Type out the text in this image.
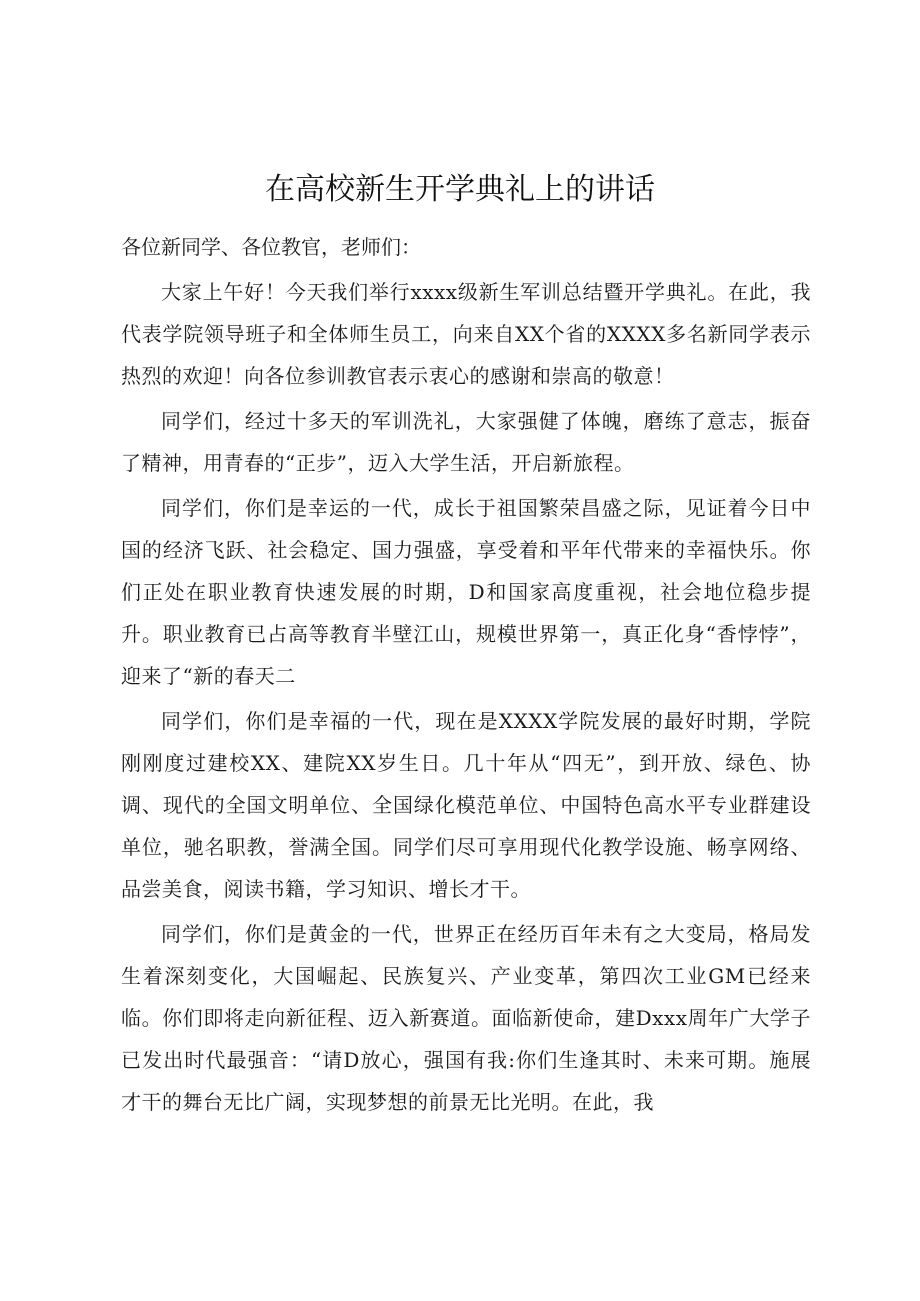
在高校新生开学典礼上的讲话

各位新同学、各位教官，老师们：

大家上午好！今天我们举行xxxx级新生军训总结暨开学典礼。在此，我代表学院领导班子和全体师生员工，向来自XX个省的XXXX多名新同学表示热烈的欢迎！向各位参训教官表示衷心的感谢和崇高的敬意！

同学们，经过十多天的军训洗礼，大家强健了体魄，磨练了意志，振奋了精神，用青春的“正步”，迈入大学生活，开启新旅程。

同学们，你们是幸运的一代，成长于祖国繁荣昌盛之际，见证着今日中国的经济飞跃、社会稳定、国力强盛，享受着和平年代带来的幸福快乐。你们正处在职业教育快速发展的时期，D和国家高度重视，社会地位稳步提升。职业教育已占高等教育半壁江山，规模世界第一，真正化身“香悖悖”，迎来了“新的春天二

同学们，你们是幸福的一代，现在是XXXX学院发展的最好时期，学院刚刚度过建校XX、建院XX岁生日。几十年从“四无”，到开放、绿色、协调、现代的全国文明单位、全国绿化模范单位、中国特色高水平专业群建设单位，驰名职教，誉满全国。同学们尽可享用现代化教学设施、畅享网络、品尝美食，阅读书籍，学习知识、增长才干。

同学们，你们是黄金的一代，世界正在经历百年未有之大变局，格局发生着深刻变化，大国崛起、民族复兴、产业变革，第四次工业GM已经来临。你们即将走向新征程、迈入新赛道。面临新使命，建Dxxx周年广大学子已发出时代最强音：“请D放心，强国有我:你们生逢其时、未来可期。施展才干的舞台无比广阔，实现梦想的前景无比光明。在此，我
